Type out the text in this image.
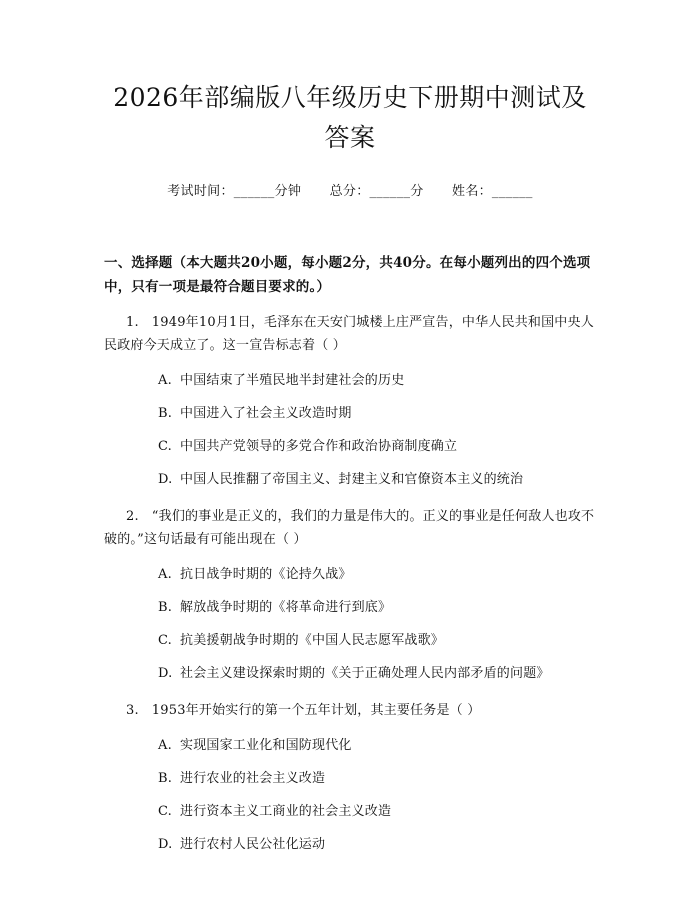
2026年部编版八年级历史下册期中测试及答案
考试时间：______分钟 总分：______分 姓名：______
一、选择题（本大题共20小题，每小题2分，共40分。在每小题列出的四个选项中，只有一项是最符合题目要求的。）
1.   1949年10月1日，毛泽东在天安门城楼上庄严宣告，中华人民共和国中央人民政府今天成立了。这一宣告标志着（ ）
A. 中国结束了半殖民地半封建社会的历史
B. 中国进入了社会主义改造时期
C. 中国共产党领导的多党合作和政治协商制度确立
D. 中国人民推翻了帝国主义、封建主义和官僚资本主义的统治
2.   “我们的事业是正义的，我们的力量是伟大的。正义的事业是任何敌人也攻不破的。”这句话最有可能出现在（ ）
A. 抗日战争时期的《论持久战》
B. 解放战争时期的《将革命进行到底》
C. 抗美援朝战争时期的《中国人民志愿军战歌》
D. 社会主义建设探索时期的《关于正确处理人民内部矛盾的问题》
3.   1953年开始实行的第一个五年计划，其主要任务是（ ）
A. 实现国家工业化和国防现代化
B. 进行农业的社会主义改造
C. 进行资本主义工商业的社会主义改造
D. 进行农村人民公社化运动
